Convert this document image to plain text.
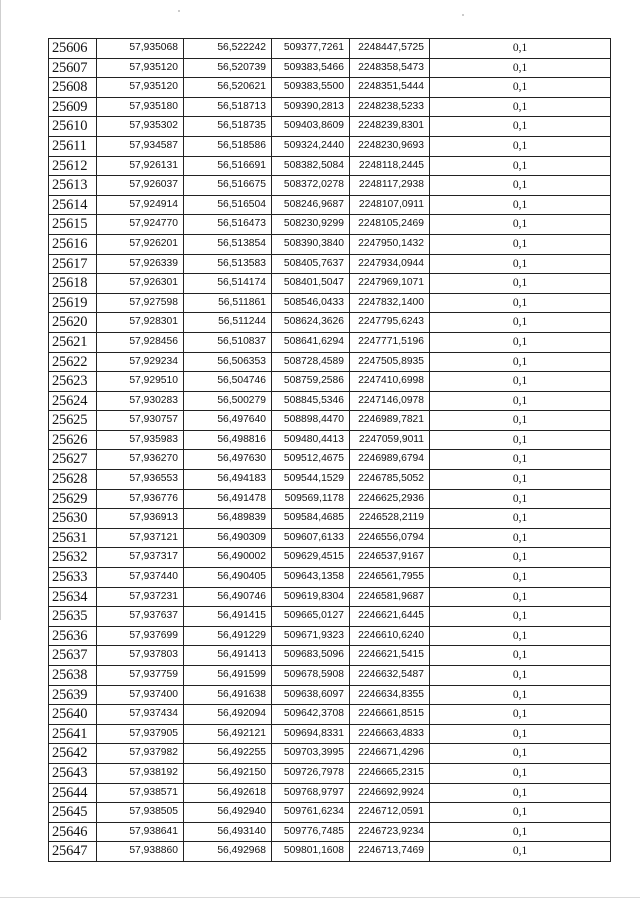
25606	57,935068	56,522242	509377,7261	2248447,5725	0,1
25607	57,935120	56,520739	509383,5466	2248358,5473	0,1
25608	57,935120	56,520621	509383,5500	2248351,5444	0,1
25609	57,935180	56,518713	509390,2813	2248238,5233	0,1
25610	57,935302	56,518735	509403,8609	2248239,8301	0,1
25611	57,934587	56,518586	509324,2440	2248230,9693	0,1
25612	57,926131	56,516691	508382,5084	2248118,2445	0,1
25613	57,926037	56,516675	508372,0278	2248117,2938	0,1
25614	57,924914	56,516504	508246,9687	2248107,0911	0,1
25615	57,924770	56,516473	508230,9299	2248105,2469	0,1
25616	57,926201	56,513854	508390,3840	2247950,1432	0,1
25617	57,926339	56,513583	508405,7637	2247934,0944	0,1
25618	57,926301	56,514174	508401,5047	2247969,1071	0,1
25619	57,927598	56,511861	508546,0433	2247832,1400	0,1
25620	57,928301	56,511244	508624,3626	2247795,6243	0,1
25621	57,928456	56,510837	508641,6294	2247771,5196	0,1
25622	57,929234	56,506353	508728,4589	2247505,8935	0,1
25623	57,929510	56,504746	508759,2586	2247410,6998	0,1
25624	57,930283	56,500279	508845,5346	2247146,0978	0,1
25625	57,930757	56,497640	508898,4470	2246989,7821	0,1
25626	57,935983	56,498816	509480,4413	2247059,9011	0,1
25627	57,936270	56,497630	509512,4675	2246989,6794	0,1
25628	57,936553	56,494183	509544,1529	2246785,5052	0,1
25629	57,936776	56,491478	509569,1178	2246625,2936	0,1
25630	57,936913	56,489839	509584,4685	2246528,2119	0,1
25631	57,937121	56,490309	509607,6133	2246556,0794	0,1
25632	57,937317	56,490002	509629,4515	2246537,9167	0,1
25633	57,937440	56,490405	509643,1358	2246561,7955	0,1
25634	57,937231	56,490746	509619,8304	2246581,9687	0,1
25635	57,937637	56,491415	509665,0127	2246621,6445	0,1
25636	57,937699	56,491229	509671,9323	2246610,6240	0,1
25637	57,937803	56,491413	509683,5096	2246621,5415	0,1
25638	57,937759	56,491599	509678,5908	2246632,5487	0,1
25639	57,937400	56,491638	509638,6097	2246634,8355	0,1
25640	57,937434	56,492094	509642,3708	2246661,8515	0,1
25641	57,937905	56,492121	509694,8331	2246663,4833	0,1
25642	57,937982	56,492255	509703,3995	2246671,4296	0,1
25643	57,938192	56,492150	509726,7978	2246665,2315	0,1
25644	57,938571	56,492618	509768,9797	2246692,9924	0,1
25645	57,938505	56,492940	509761,6234	2246712,0591	0,1
25646	57,938641	56,493140	509776,7485	2246723,9234	0,1
25647	57,938860	56,492968	509801,1608	2246713,7469	0,1
